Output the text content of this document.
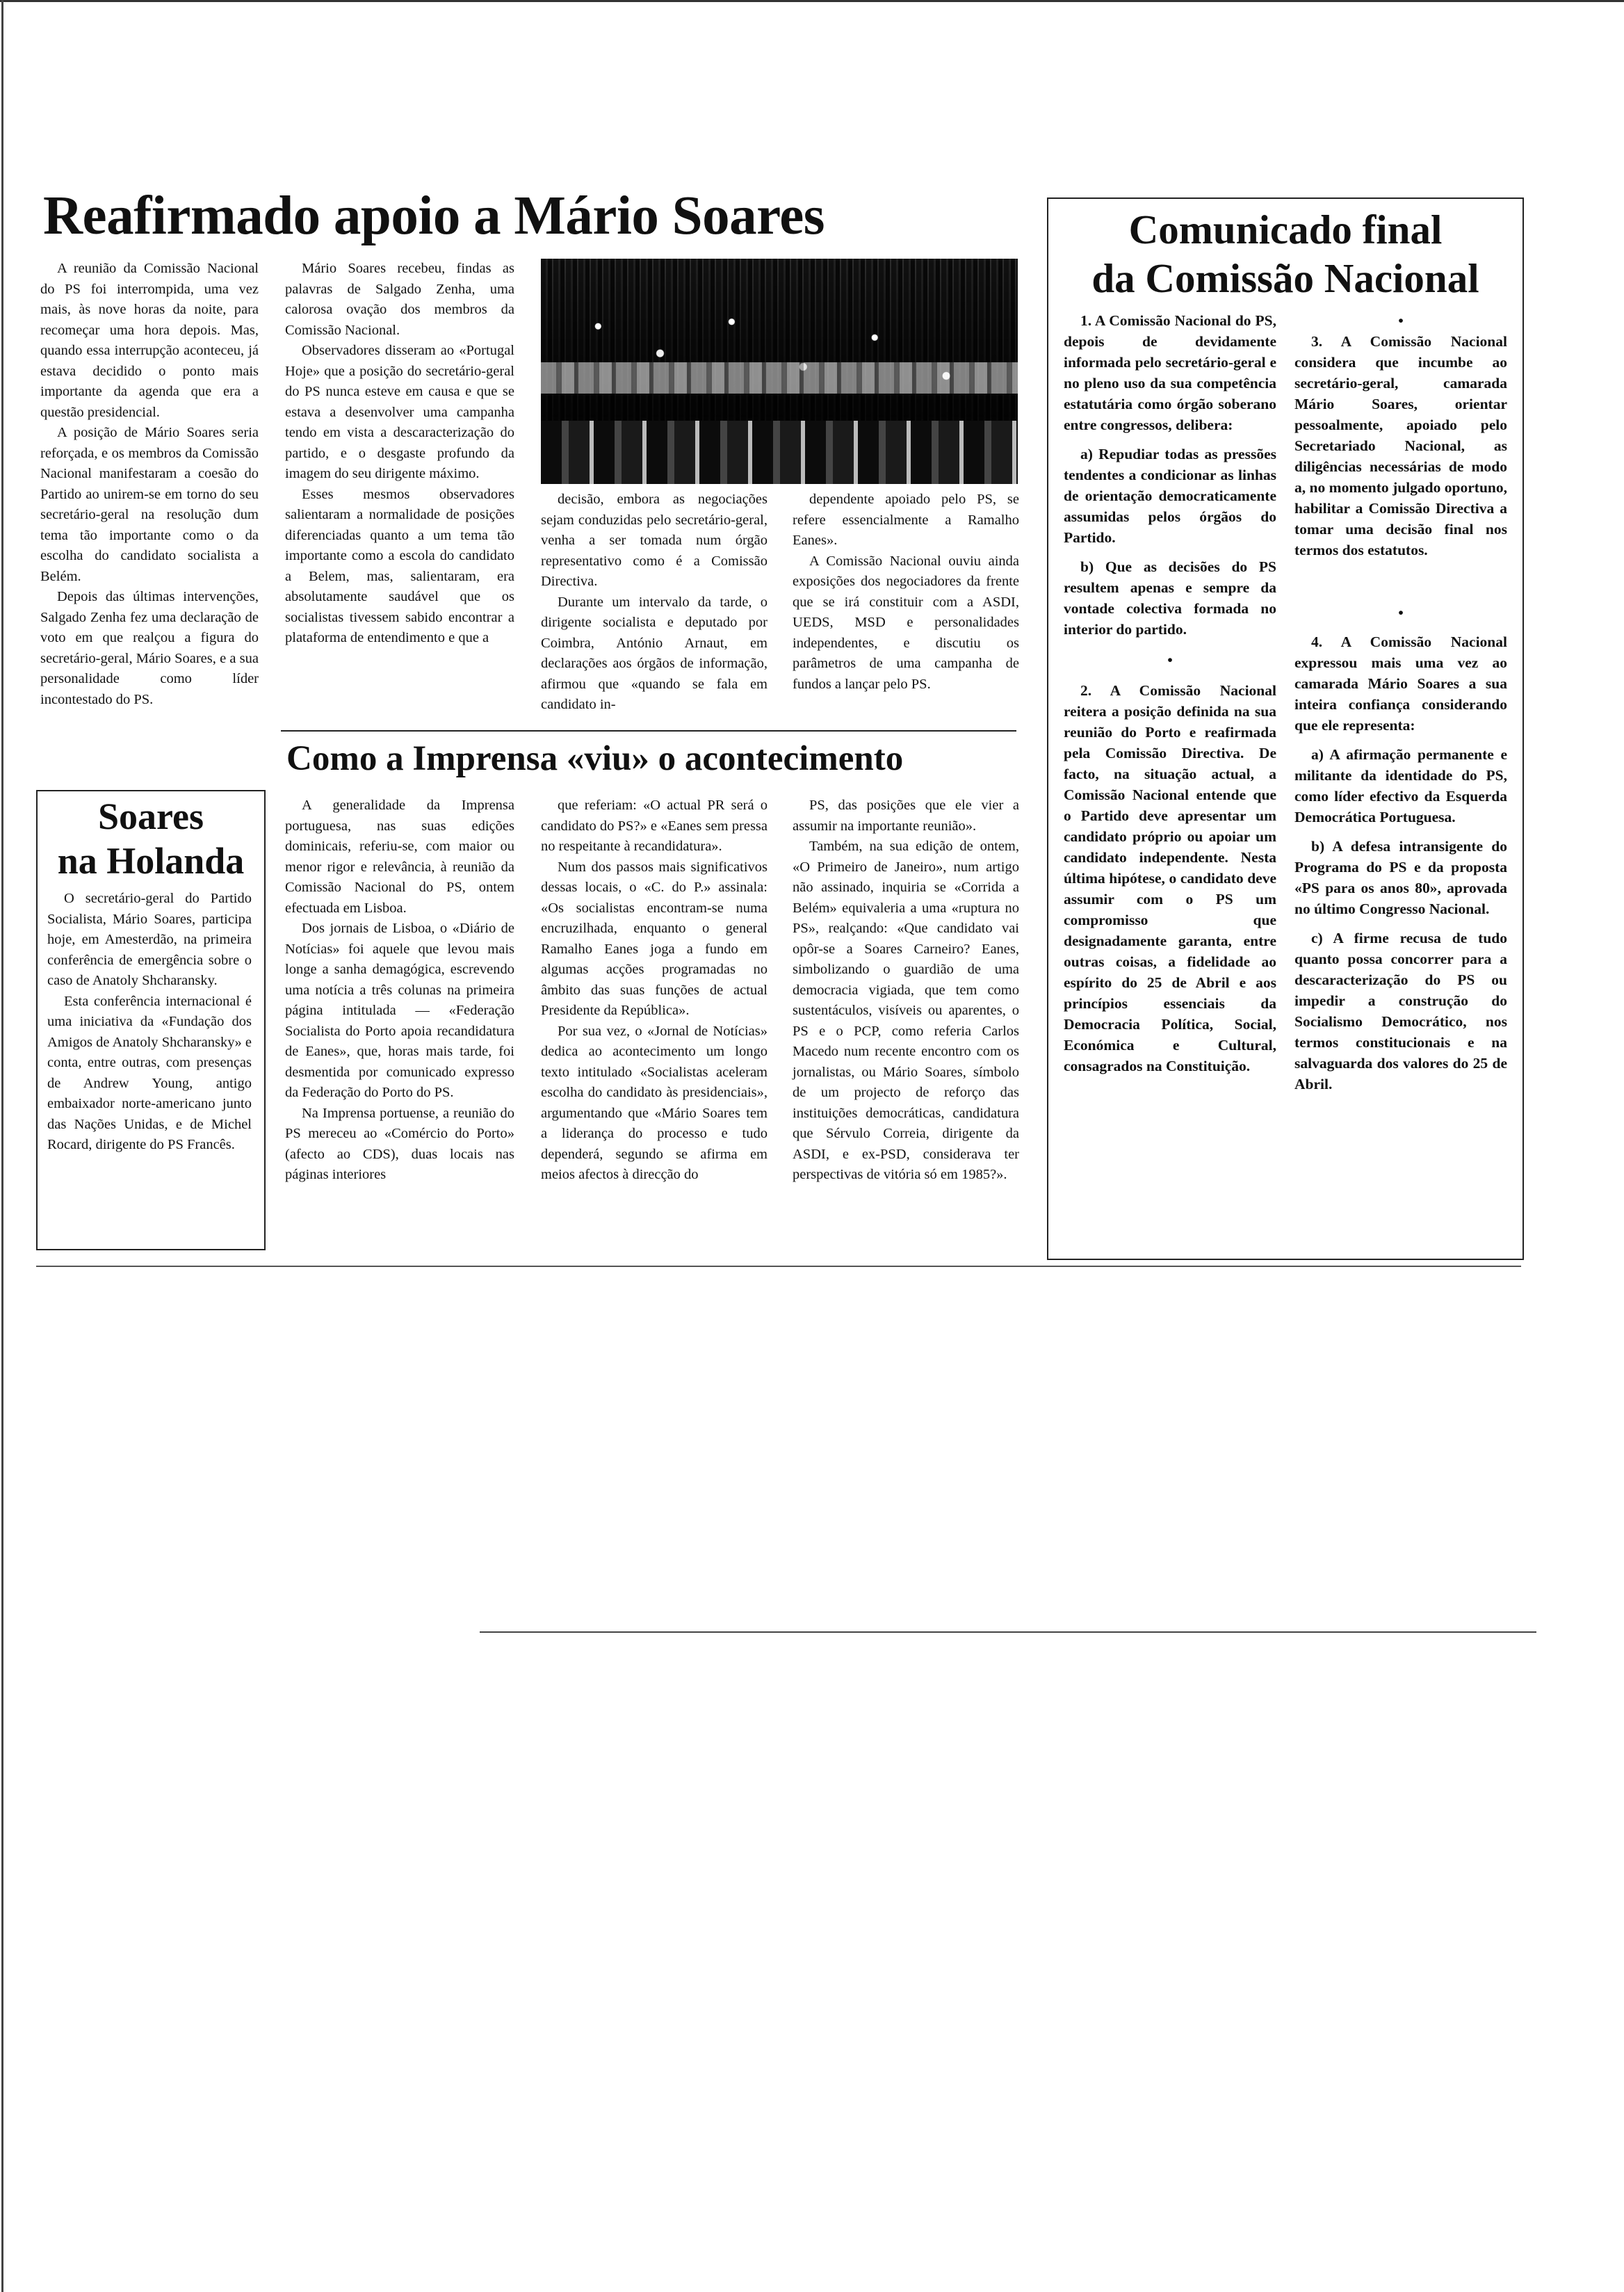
Reafirmado apoio a Mário Soares

A reunião da Comissão Nacional do PS foi interrompida, uma vez mais, às nove horas da noite, para recomeçar uma hora depois. Mas, quando essa interrupção aconteceu, já estava decidido o ponto mais importante da agenda que era a questão presidencial.

A posição de Mário Soares seria reforçada, e os membros da Comissão Nacional manifestaram a coesão do Partido ao unirem-se em torno do seu secretário-geral na resolução dum tema tão importante como o da escolha do candidato socialista a Belém.

Depois das últimas intervenções, Salgado Zenha fez uma declaração de voto em que realçou a figura do secretário-geral, Mário Soares, e a sua personalidade como líder incontestado do PS.

Mário Soares recebeu, findas as palavras de Salgado Zenha, uma calorosa ovação dos membros da Comissão Nacional.

Observadores disseram ao «Portugal Hoje» que a posição do secretário-geral do PS nunca esteve em causa e que se estava a desenvolver uma campanha tendo em vista a descaracterização do partido, e o desgaste profundo da imagem do seu dirigente máximo.

Esses mesmos observadores salientaram a normalidade de posições diferenciadas quanto a um tema tão importante como a escola do candidato a Belem, mas, salientaram, era absolutamente saudável que os socialistas tivessem sabido encontrar a plataforma de entendimento e que a

decisão, embora as negociações sejam conduzidas pelo secretário-geral, venha a ser tomada num órgão representativo como é a Comissão Directiva.

Durante um intervalo da tarde, o dirigente socialista e deputado por Coimbra, António Arnaut, em declarações aos órgãos de informação, afirmou que «quando se fala em candidato in-

dependente apoiado pelo PS, se refere essencialmente a Ramalho Eanes».

A Comissão Nacional ouviu ainda exposições dos negociadores da frente que se irá constituir com a ASDI, UEDS, MSD e personalidades independentes, e discutiu os parâmetros de uma campanha de fundos a lançar pelo PS.

Como a Imprensa «viu» o acontecimento

A generalidade da Imprensa portuguesa, nas suas edições dominicais, referiu-se, com maior ou menor rigor e relevância, à reunião da Comissão Nacional do PS, ontem efectuada em Lisboa.

Dos jornais de Lisboa, o «Diário de Notícias» foi aquele que levou mais longe a sanha demagógica, escrevendo uma notícia a três colunas na primeira página intitulada — «Federação Socialista do Porto apoia recandidatura de Eanes», que, horas mais tarde, foi desmentida por comunicado expresso da Federação do Porto do PS.

Na Imprensa portuense, a reunião do PS mereceu ao «Comércio do Porto» (afecto ao CDS), duas locais nas páginas interiores

que referiam: «O actual PR será o candidato do PS?» e «Eanes sem pressa no respeitante à recandidatura».

Num dos passos mais significativos dessas locais, o «C. do P.» assinala: «Os socialistas encontram-se numa encruzilhada, enquanto o general Ramalho Eanes joga a fundo em algumas acções programadas no âmbito das suas funções de actual Presidente da República».

Por sua vez, o «Jornal de Notícias» dedica ao acontecimento um longo texto intitulado «Socialistas aceleram escolha do candidato às presidenciais», argumentando que «Mário Soares tem a liderança do processo e tudo dependerá, segundo se afirma em meios afectos à direcção do

PS, das posições que ele vier a assumir na importante reunião».

Também, na sua edição de ontem, «O Primeiro de Janeiro», num artigo não assinado, inquiria se «Corrida a Belém» equivaleria a uma «ruptura no PS», realçando: «Que candidato vai opôr-se a Soares Carneiro? Eanes, simbolizando o guardião de uma democracia vigiada, que tem como sustentáculos, visíveis ou aparentes, o PS e o PCP, como referia Carlos Macedo num recente encontro com os jornalistas, ou Mário Soares, símbolo de um projecto de reforço das instituições democráticas, candidatura que Sérvulo Correia, dirigente da ASDI, e ex-PSD, considerava ter perspectivas de vitória só em 1985?».

Soares
na Holanda

O secretário-geral do Partido Socialista, Mário Soares, participa hoje, em Amesterdão, na primeira conferência de emergência sobre o caso de Anatoly Shcharansky.

Esta conferência internacional é uma iniciativa da «Fundação dos Amigos de Anatoly Shcharansky» e conta, entre outras, com presenças de Andrew Young, antigo embaixador norte-americano junto das Nações Unidas, e de Michel Rocard, dirigente do PS Francês.

Comunicado final
da Comissão Nacional

1. A Comissão Nacional do PS, depois de devidamente informada pelo secretário-geral e no pleno uso da sua competência estatutária como órgão soberano entre congressos, delibera:

a) Repudiar todas as pressões tendentes a condicionar as linhas de orientação democraticamente assumidas pelos órgãos do Partido.

b) Que as decisões do PS resultem apenas e sempre da vontade colectiva formada no interior do partido.

•

2. A Comissão Nacional reitera a posição definida na sua reunião do Porto e reafirmada pela Comissão Directiva. De facto, na situação actual, a Comissão Nacional entende que o Partido deve apresentar um candidato próprio ou apoiar um candidato independente. Nesta última hipótese, o candidato deve assumir com o PS um compromisso que designadamente garanta, entre outras coisas, a fidelidade ao espírito do 25 de Abril e aos princípios essenciais da Democracia Política, Social, Económica e Cultural, consagrados na Constituição.

•

3. A Comissão Nacional considera que incumbe ao secretário-geral, camarada Mário Soares, orientar pessoalmente, apoiado pelo Secretariado Nacional, as diligências necessárias de modo a, no momento julgado oportuno, habilitar a Comissão Directiva a tomar uma decisão final nos termos dos estatutos.

•

4. A Comissão Nacional expressou mais uma vez ao camarada Mário Soares a sua inteira confiança considerando que ele representa:

a) A afirmação permanente e militante da identidade do PS, como líder efectivo da Esquerda Democrática Portuguesa.

b) A defesa intransigente do Programa do PS e da proposta «PS para os anos 80», aprovada no último Congresso Nacional.

c) A firme recusa de tudo quanto possa concorrer para a descaracterização do PS ou impedir a construção do Socialismo Democrático, nos termos constitucionais e na salvaguarda dos valores do 25 de Abril.
